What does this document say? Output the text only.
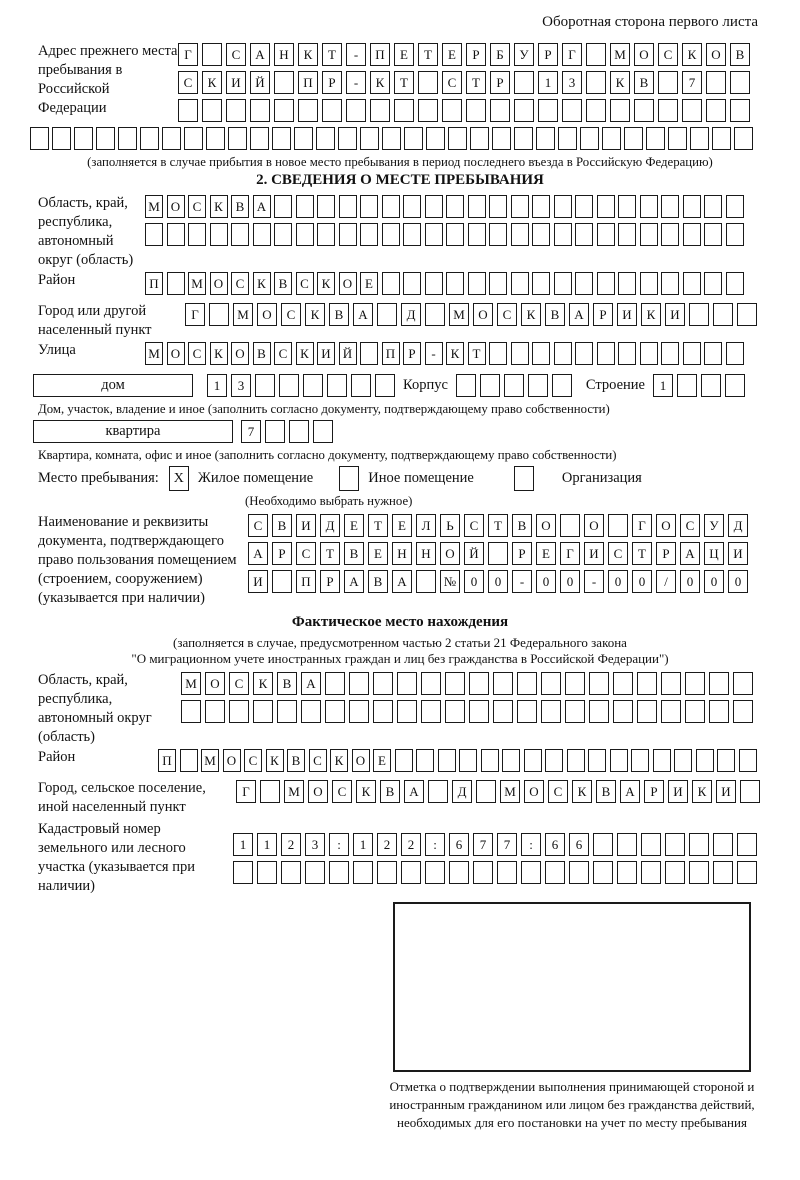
Оборотная сторона первого листа
Адрес прежнего места пребывания в Российской Федерации
Г	С	А	Н	К	Т	-	П	Е	Т	Е	Р	Б	У	Р	Г	М	О	С	К	О	В
С	К	И	Й	П	Р	-	К	Т	С	Т	Р	1	3	К	В	7
(заполняется в случае прибытия в новое место пребывания в период последнего въезда в Российскую Федерацию)
2. СВЕДЕНИЯ О МЕСТЕ ПРЕБЫВАНИЯ
Область, край, республика, автономный округ (область)
М О С К В А
Район	П	М О С К В С К О Е
Город или другой населенный пункт
Г	М	О	С	К	В	А	Д	М	О	С	К	В	А	Р	И	К	И
Улица	М О С К О В С К И Й	П	Р	-	К	Т
дом	1	3	Корпус	Строение	1
Дом, участок, владение и иное (заполнить согласно документу, подтверждающему право собственности)
квартира	7
Квартира, комната, офис и иное (заполнить согласно документу, подтверждающему право собственности)
Место пребывания:	X Жилое помещение	Иное помещение	Организация
(Необходимо выбрать нужное)
Наименование и реквизиты документа, подтверждающего право пользования помещением (строением, сооружением) (указывается при наличии)
С	В	И	Д	Е	Т	Е	Л	Ь	С	Т	В	О	О	Г	О	С	У	Д
А	Р	С	Т	В	Е	Н	Н	О	Й	Р	Е	Г	И	С	Т	Р	А	Ц	И
И	П	Р	А	В	А	№	0	0	-	0	0	-	0	0	/	0	0	0
Фактическое место нахождения
(заполняется в случае, предусмотренном частью 2 статьи 21 Федерального закона
"О миграционном учете иностранных граждан и лиц без гражданства в Российской Федерации")
Область, край, республика, автономный округ (область)
М	О	С	К	В	А
Район	П	М О С К В С К О Е
Город, сельское поселение, иной населенный пункт
Г	М	О	С	К	В	А	Д	М	О	С	К	В	А	Р	И	К	И
Кадастровый номер земельного или лесного участка (указывается при наличии)
1	1	2	3	:	1	2	2	:	6	7	7	:	6	6
Отметка о подтверждении выполнения принимающей стороной и иностранным гражданином или лицом без гражданства действий, необходимых для его постановки на учет по месту пребывания
